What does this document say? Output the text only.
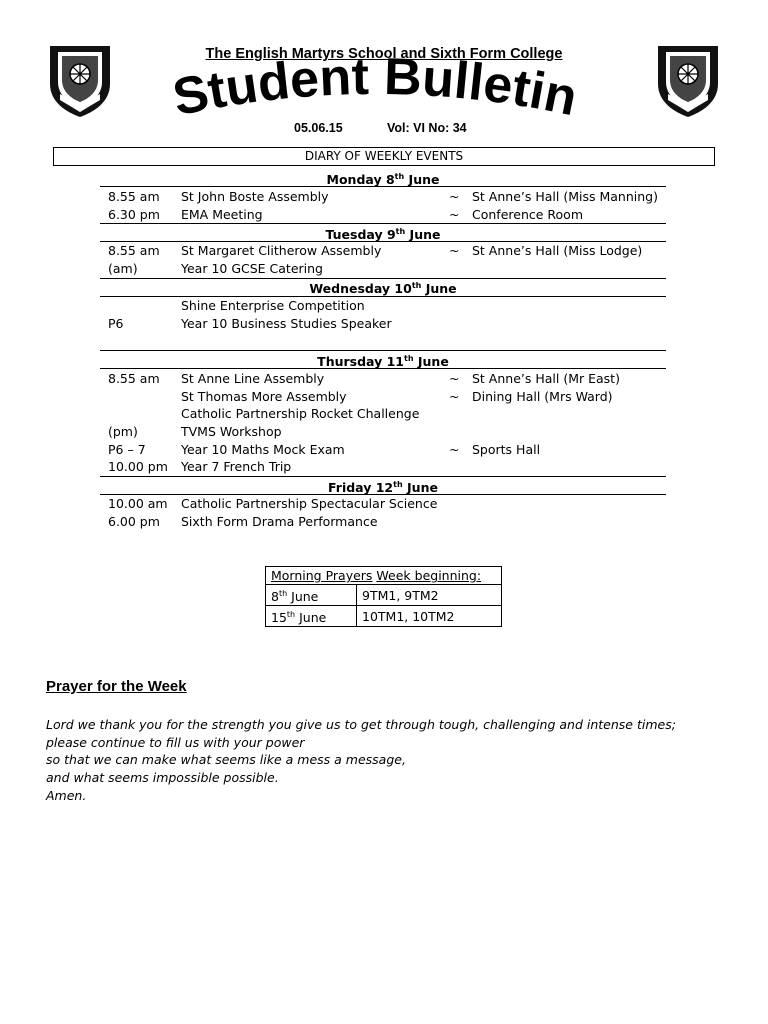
The English Martyrs School and Sixth Form College
Student Bulletin
05.06.15	Vol: VI No: 34
DIARY OF WEEKLY EVENTS
Monday 8th June
8.55 am St John Boste Assembly	~ St Anne’s Hall (Miss Manning)
6.30 pm EMA Meeting	~ Conference Room
Tuesday 9th June
8.55 am St Margaret Clitherow Assembly	~ St Anne’s Hall (Miss Lodge)
(am)	Year 10 GCSE Catering
Wednesday 10th June
Shine Enterprise Competition
P6	Year 10 Business Studies Speaker
Thursday 11th June
8.55 am St Anne Line Assembly	~ St Anne’s Hall (Mr East)
St Thomas More Assembly	~ Dining Hall (Mrs Ward)
Catholic Partnership Rocket Challenge
(pm)	TVMS Workshop
P6 – 7	Year 10 Maths Mock Exam	~ Sports Hall
10.00 pm Year 7 French Trip
Friday 12th June
10.00 am Catholic Partnership Spectacular Science
6.00 pm Sixth Form Drama Performance
Morning Prayers Week beginning:	
8th June	9TM1, 9TM2
15th June	10TM1, 10TM2
Prayer for the Week
Lord we thank you for the strength you give us to get through tough, challenging and intense times;
please continue to fill us with your power
so that we can make what seems like a mess a message,
and what seems impossible possible.
Amen.
